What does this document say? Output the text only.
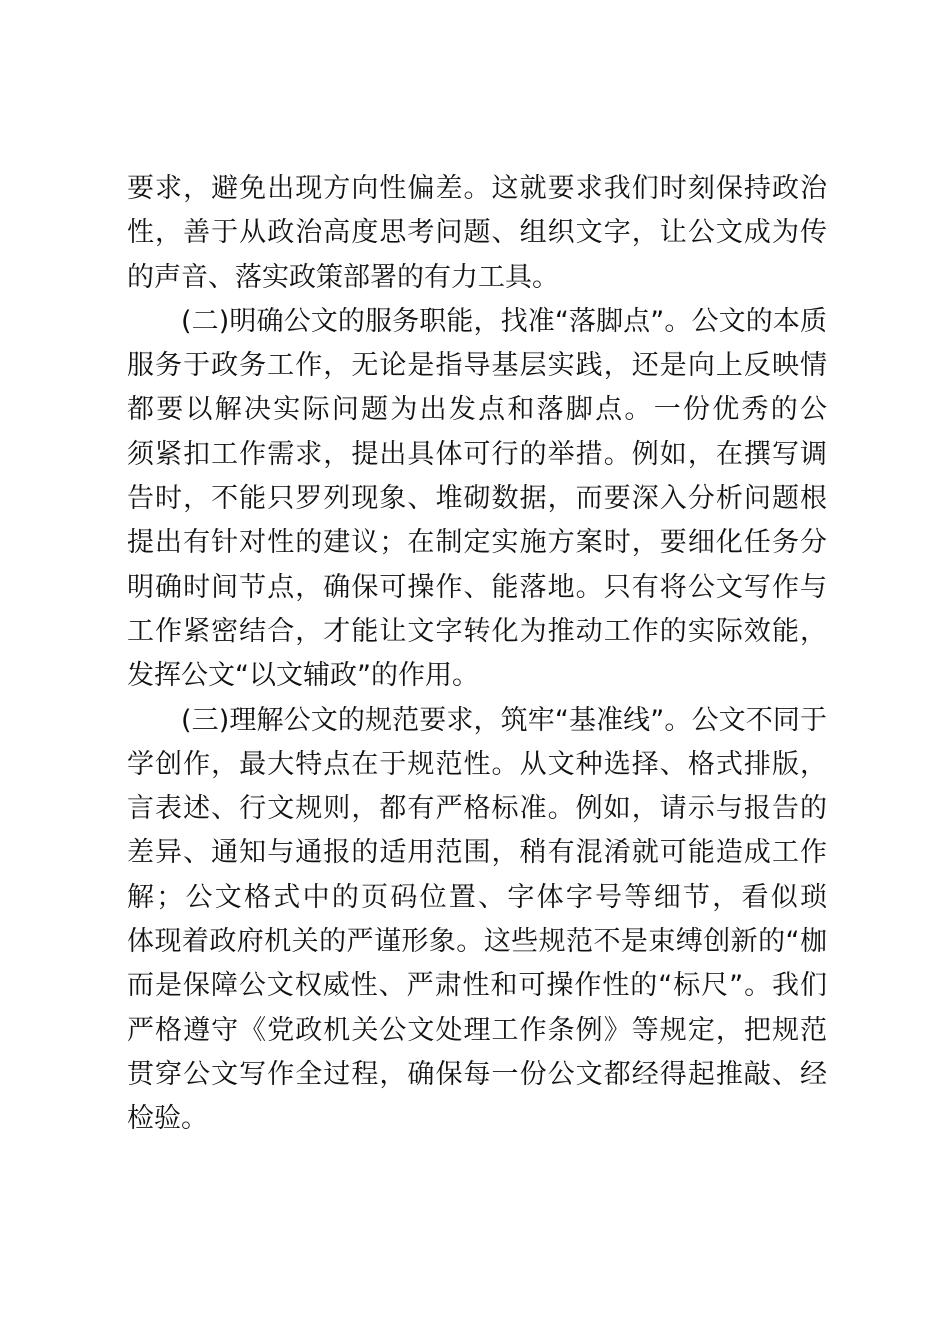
要求，避免出现方向性偏差。这就要求我们时刻保持政治
性，善于从政治高度思考问题、组织文字，让公文成为传
的声音、落实政策部署的有力工具。
(二)明确公文的服务职能，找准“落脚点”。公文的本质
服务于政务工作，无论是指导基层实践，还是向上反映情
都要以解决实际问题为出发点和落脚点。一份优秀的公
须紧扣工作需求，提出具体可行的举措。例如，在撰写调
告时，不能只罗列现象、堆砌数据，而要深入分析问题根
提出有针对性的建议；在制定实施方案时，要细化任务分
明确时间节点，确保可操作、能落地。只有将公文写作与
工作紧密结合，才能让文字转化为推动工作的实际效能，
发挥公文“以文辅政”的作用。
(三)理解公文的规范要求，筑牢“基准线”。公文不同于
学创作，最大特点在于规范性。从文种选择、格式排版，
言表述、行文规则，都有严格标准。例如，请示与报告的
差异、通知与通报的适用范围，稍有混淆就可能造成工作
解；公文格式中的页码位置、字体字号等细节，看似琐
体现着政府机关的严谨形象。这些规范不是束缚创新的“枷
而是保障公文权威性、严肃性和可操作性的“标尺”。我们
严格遵守《党政机关公文处理工作条例》等规定，把规范
贯穿公文写作全过程，确保每一份公文都经得起推敲、经
检验。
